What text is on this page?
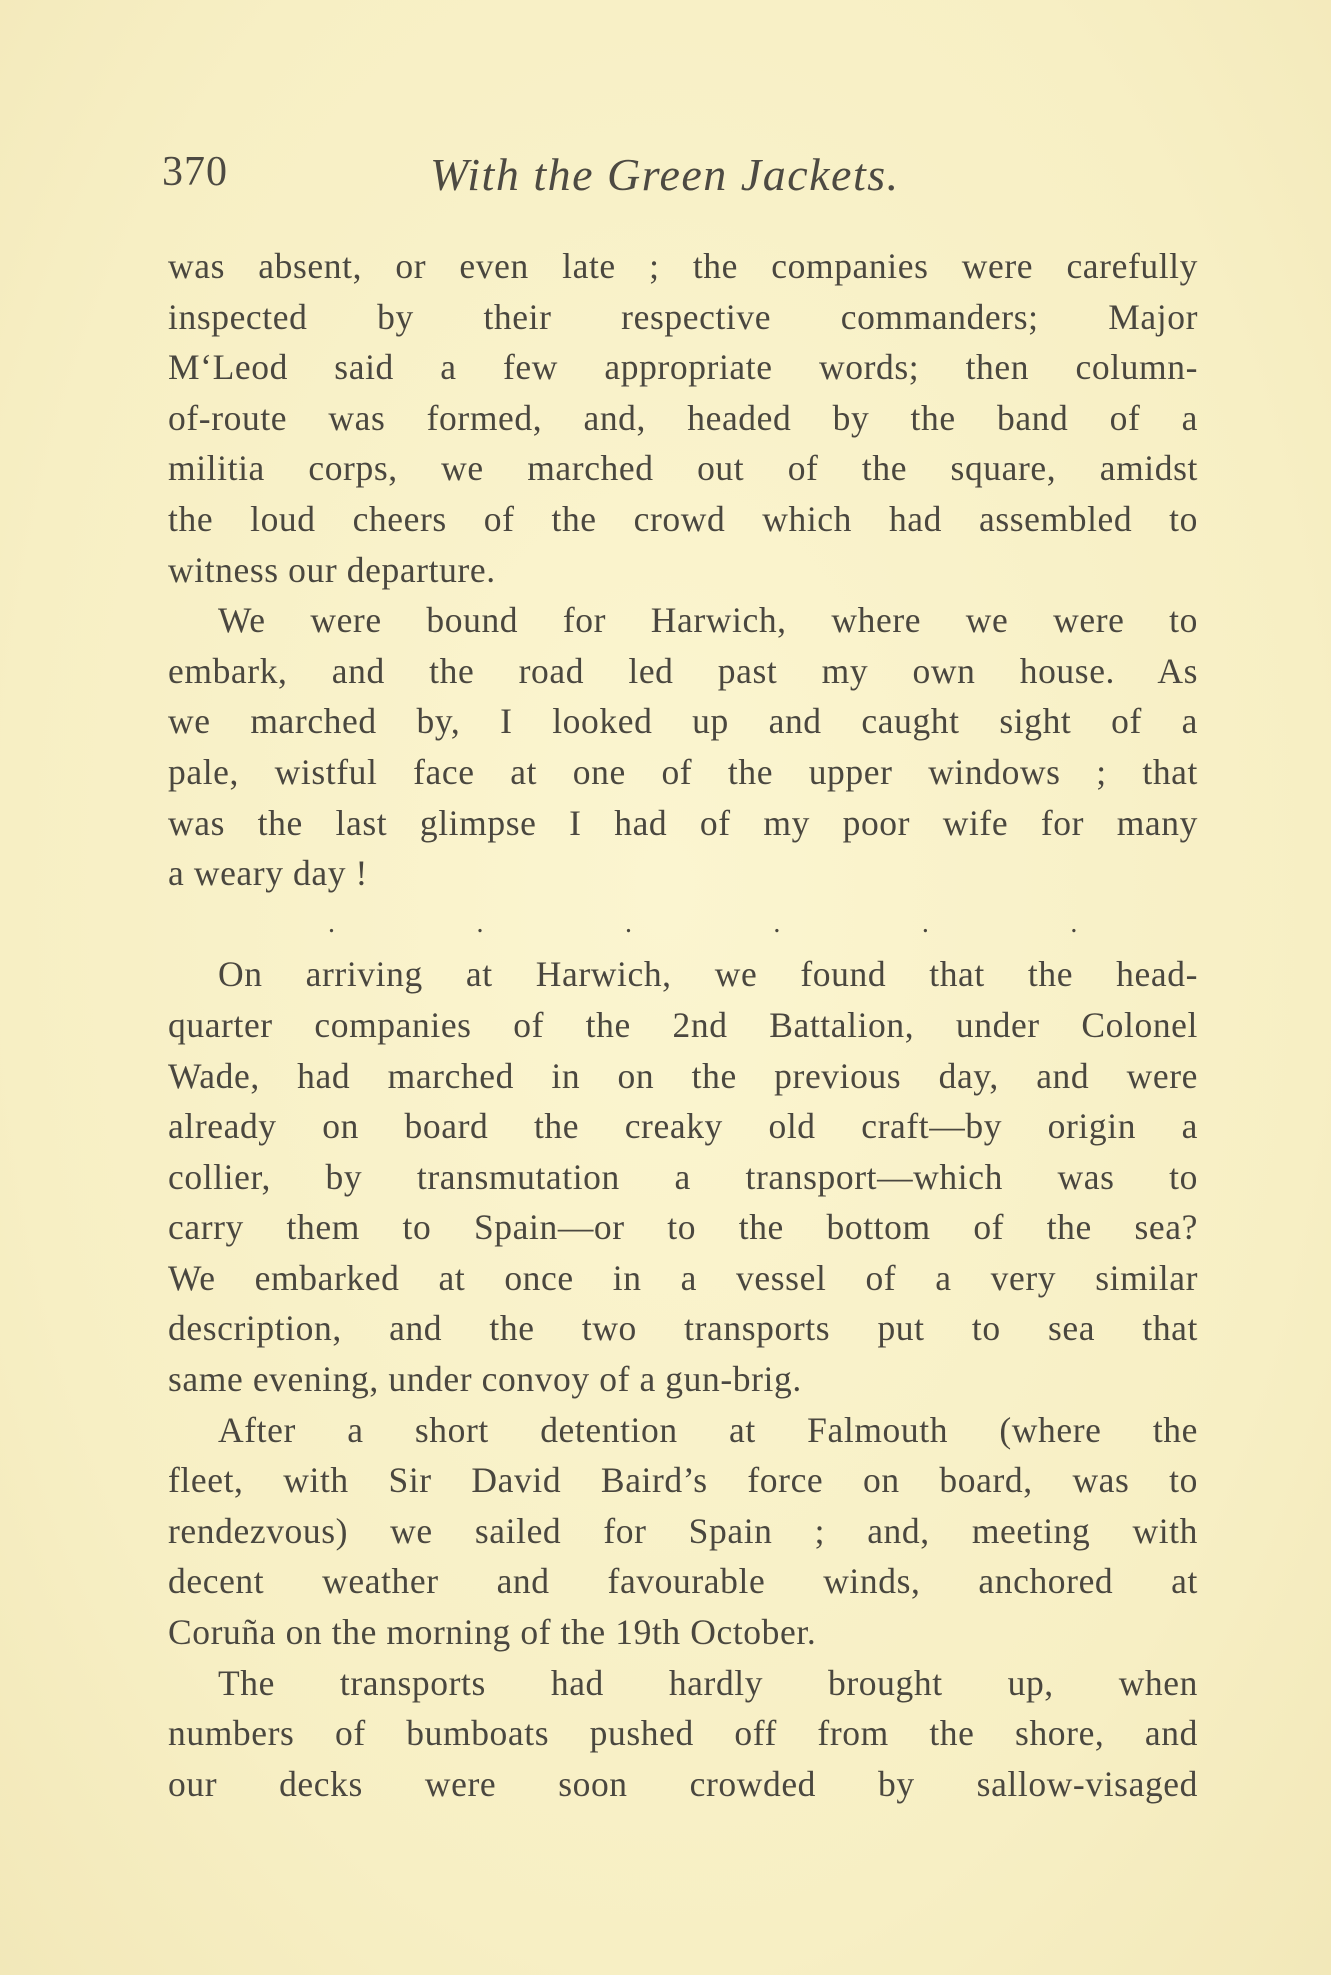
370	With the Green Jackets.
was absent, or even late ; the companies were carefully
inspected by their respective commanders; Major
M‘Leod said a few appropriate words; then column-
of-route was formed, and, headed by the band of a
militia corps, we marched out of the square, amidst
the loud cheers of the crowd which had assembled to
witness our departure.
We were bound for Harwich, where we were to
embark, and the road led past my own house. As
we marched by, I looked up and caught sight of a
pale, wistful face at one of the upper windows ; that
was the last glimpse I had of my poor wife for many
a weary day !
.	.	.	.	.	.
On arriving at Harwich, we found that the head-
quarter companies of the 2nd Battalion, under Colonel
Wade, had marched in on the previous day, and were
already on board the creaky old craft—by origin a
collier, by transmutation a transport—which was to
carry them to Spain—or to the bottom of the sea?
We embarked at once in a vessel of a very similar
description, and the two transports put to sea that
same evening, under convoy of a gun-brig.
After a short detention at Falmouth (where the
fleet, with Sir David Baird’s force on board, was to
rendezvous) we sailed for Spain ; and, meeting with
decent weather and favourable winds, anchored at
Coruña on the morning of the 19th October.
The transports had hardly brought up, when
numbers of bumboats pushed off from the shore, and
our decks were soon crowded by sallow-visaged
